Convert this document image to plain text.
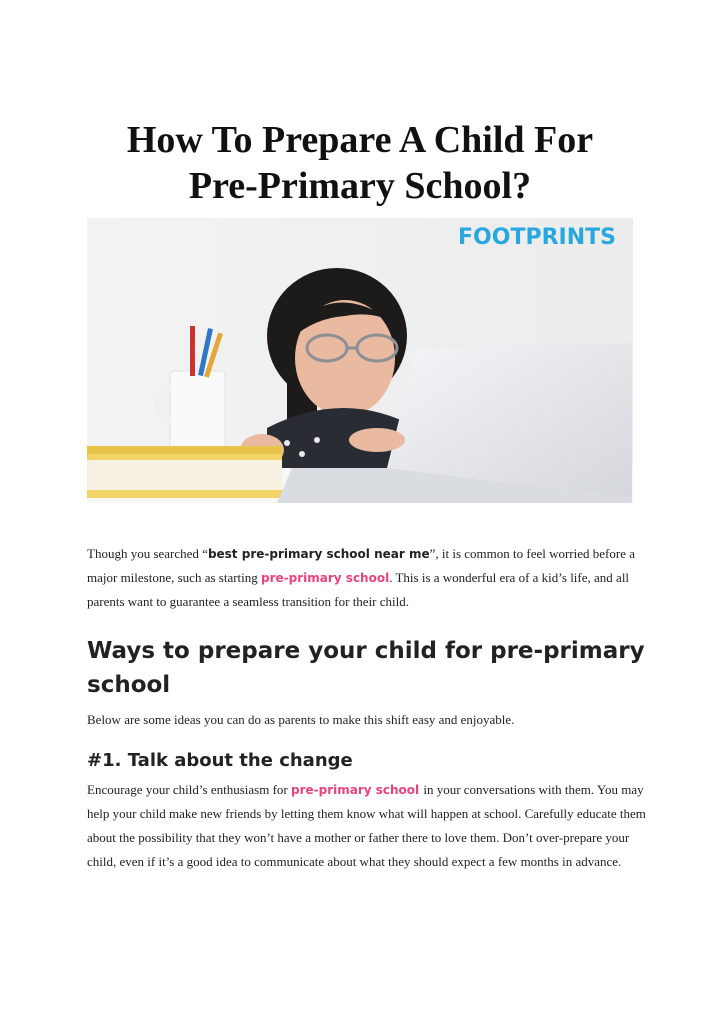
How To Prepare A Child For
Pre-Primary School?
FOOTPRINTS

Though you searched “best pre-primary school near me”, it is common to feel worried before a major milestone, such as starting pre-primary school. This is a wonderful era of a kid’s life, and all parents want to guarantee a seamless transition for their child.

Ways to prepare your child for pre-primary school

Below are some ideas you can do as parents to make this shift easy and enjoyable.

#1. Talk about the change

Encourage your child’s enthusiasm for pre-primary school in your conversations with them. You may help your child make new friends by letting them know what will happen at school. Carefully educate them about the possibility that they won’t have a mother or father there to love them. Don’t over-prepare your child, even if it’s a good idea to communicate about what they should expect a few months in advance.
